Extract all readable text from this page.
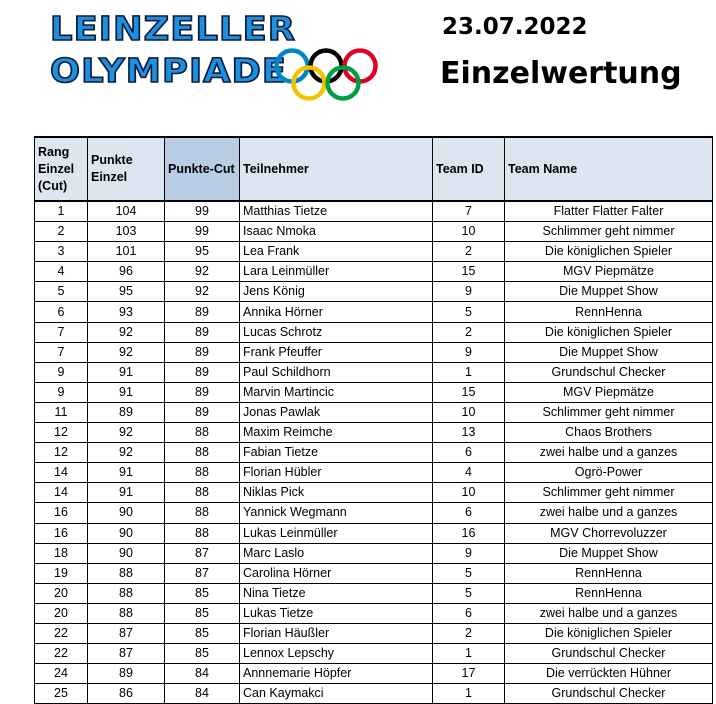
LEINZELLER
OLYMPIADE
23.07.2022
Einzelwertung
Rang Einzel (Cut)	Punkte Einzel	Punkte-Cut	Teilnehmer	Team ID	Team Name
1	104	99	Matthias Tietze	7	Flatter Flatter Falter
2	103	99	Isaac Nmoka	10	Schlimmer geht nimmer
3	101	95	Lea Frank	2	Die königlichen Spieler
4	96	92	Lara Leinmüller	15	MGV Piepmätze
5	95	92	Jens König	9	Die Muppet Show
6	93	89	Annika Hörner	5	RennHenna
7	92	89	Lucas Schrotz	2	Die königlichen Spieler
7	92	89	Frank Pfeuffer	9	Die Muppet Show
9	91	89	Paul Schildhorn	1	Grundschul Checker
9	91	89	Marvin Martincic	15	MGV Piepmätze
11	89	89	Jonas Pawlak	10	Schlimmer geht nimmer
12	92	88	Maxim Reimche	13	Chaos Brothers
12	92	88	Fabian Tietze	6	zwei halbe und a ganzes
14	91	88	Florian Hübler	4	Ogrö-Power
14	91	88	Niklas Pick	10	Schlimmer geht nimmer
16	90	88	Yannick Wegmann	6	zwei halbe und a ganzes
16	90	88	Lukas Leinmüller	16	MGV Chorrevoluzzer
18	90	87	Marc Laslo	9	Die Muppet Show
19	88	87	Carolina Hörner	5	RennHenna
20	88	85	Nina Tietze	5	RennHenna
20	88	85	Lukas Tietze	6	zwei halbe und a ganzes
22	87	85	Florian Häußler	2	Die königlichen Spieler
22	87	85	Lennox Lepschy	1	Grundschul Checker
24	89	84	Annnemarie Höpfer	17	Die verrückten Hühner
25	86	84	Can Kaymakci	1	Grundschul Checker
